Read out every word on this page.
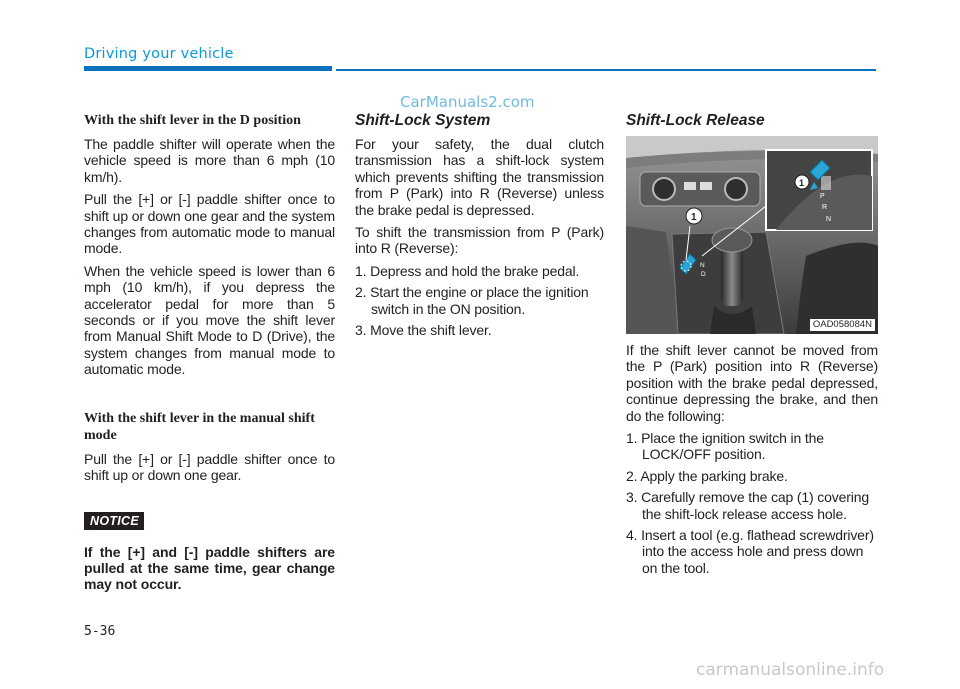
Driving your vehicle
CarManuals2.com
With the shift lever in the D position

The paddle shifter will operate when the vehicle speed is more than 6 mph (10 km/h).

Pull the [+] or [-] paddle shifter once to shift up or down one gear and the system changes from automatic mode to manual mode.

When the vehicle speed is lower than 6 mph (10 km/h), if you depress the accelerator pedal for more than 5 seconds or if you move the shift lever from Manual Shift Mode to D (Drive), the system changes from manual mode to automatic mode.

With the shift lever in the manual shift mode

Pull the [+] or [-] paddle shifter once to shift up or down one gear.

NOTICE

If the [+] and [-] paddle shifters are pulled at the same time, gear change may not occur.

Shift-Lock System

For your safety, the dual clutch transmission has a shift-lock system which prevents shifting the transmission from P (Park) into R (Reverse) unless the brake pedal is depressed.

To shift the transmission from P (Park) into R (Reverse):

1. Depress and hold the brake pedal.
2. Start the engine or place the ignition switch in the ON position.
3. Move the shift lever.
Shift-Lock Release
N
D
1
P
R
N
1
OAD058084N

If the shift lever cannot be moved from the P (Park) position into R (Reverse) position with the brake pedal depressed, continue depressing the brake, and then do the following:

1. Place the ignition switch in the LOCK/OFF position.
2. Apply the parking brake.
3. Carefully remove the cap (1) covering the shift-lock release access hole.
4. Insert a tool (e.g. flathead screwdriver) into the access hole and press down on the tool.
5-36
carmanualsonline.info
